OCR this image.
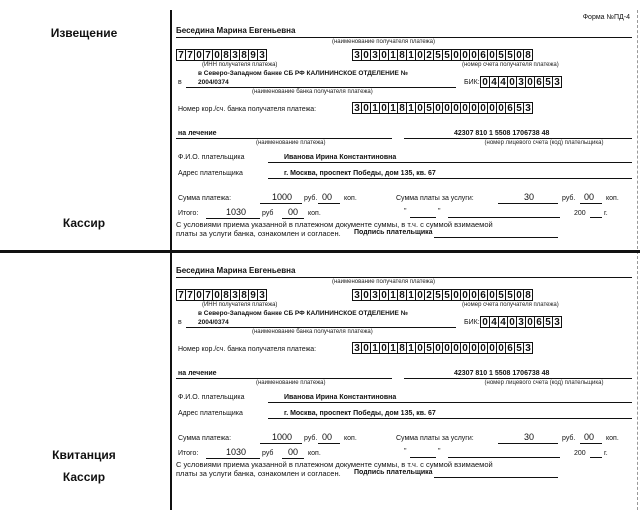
Извещение
Кассир
Квитанция
Кассир
Форма №ПД-4
Беседина Марина Евгеньевна
(наименование получателя платежа)
7 7 0 7 0 8 3 8 9 3
(ИНН получателя платежа)
3 0 3 0 1 8 1 0 2 5 5 0 0 0 6 0 5 5 0 8
(номер счета получателя платежа)
в Северо-Западном банке СБ РФ КАЛИНИНСКОЕ ОТДЕЛЕНИЕ №
в	2004/0374
(наименование банка получателя платежа)
БИК: 0 4 4 0 3 0 6 5 3
Номер кор./сч. банка получателя платежа:	3 0 1 0 1 8 1 0 5 0 0 0 0 0 0 0 0 6 5 3
на лечение
(наименование платежа)
42307 810 1 5508 1706738 48
(номер лицевого счета (код) плательщика)
Ф.И.О. плательщика	Иванова Ирина Константиновна
Адрес плательщика	г. Москва, проспект Победы, дом 135, кв. 67
Сумма платежа:	1000 руб. 00 коп.	Сумма платы за услуги:	30	руб. 00 коп.
Итого:	1030 руб 00 коп.	"	"	200	г.
С условиями приема указанной в платежном документе суммы, в т.ч. с суммой взимаемой платы за услуги банка, ознакомлен и согласен.	Подпись плательщика
Беседина Марина Евгеньевна
(наименование получателя платежа)
7 7 0 7 0 8 3 8 9 3
(ИНН получателя платежа)
3 0 3 0 1 8 1 0 2 5 5 0 0 0 6 0 5 5 0 8
(номер счета получателя платежа)
в Северо-Западном банке СБ РФ КАЛИНИНСКОЕ ОТДЕЛЕНИЕ №
в	2004/0374
(наименование банка получателя платежа)
БИК: 0 4 4 0 3 0 6 5 3
Номер кор./сч. банка получателя платежа:	3 0 1 0 1 8 1 0 5 0 0 0 0 0 0 0 0 6 5 3
на лечение
(наименование платежа)
42307 810 1 5508 1706738 48
(номер лицевого счета (код) плательщика)
Ф.И.О. плательщика	Иванова Ирина Константиновна
Адрес плательщика	г. Москва, проспект Победы, дом 135, кв. 67
Сумма платежа:	1000 руб. 00 коп.	Сумма платы за услуги:	30	руб. 00 коп.
Итого:	1030 руб 00 коп.	"	"	200	г.
С условиями приема указанной в платежном документе суммы, в т.ч. с суммой взимаемой платы за услуги банка, ознакомлен и согласен.	Подпись плательщика
